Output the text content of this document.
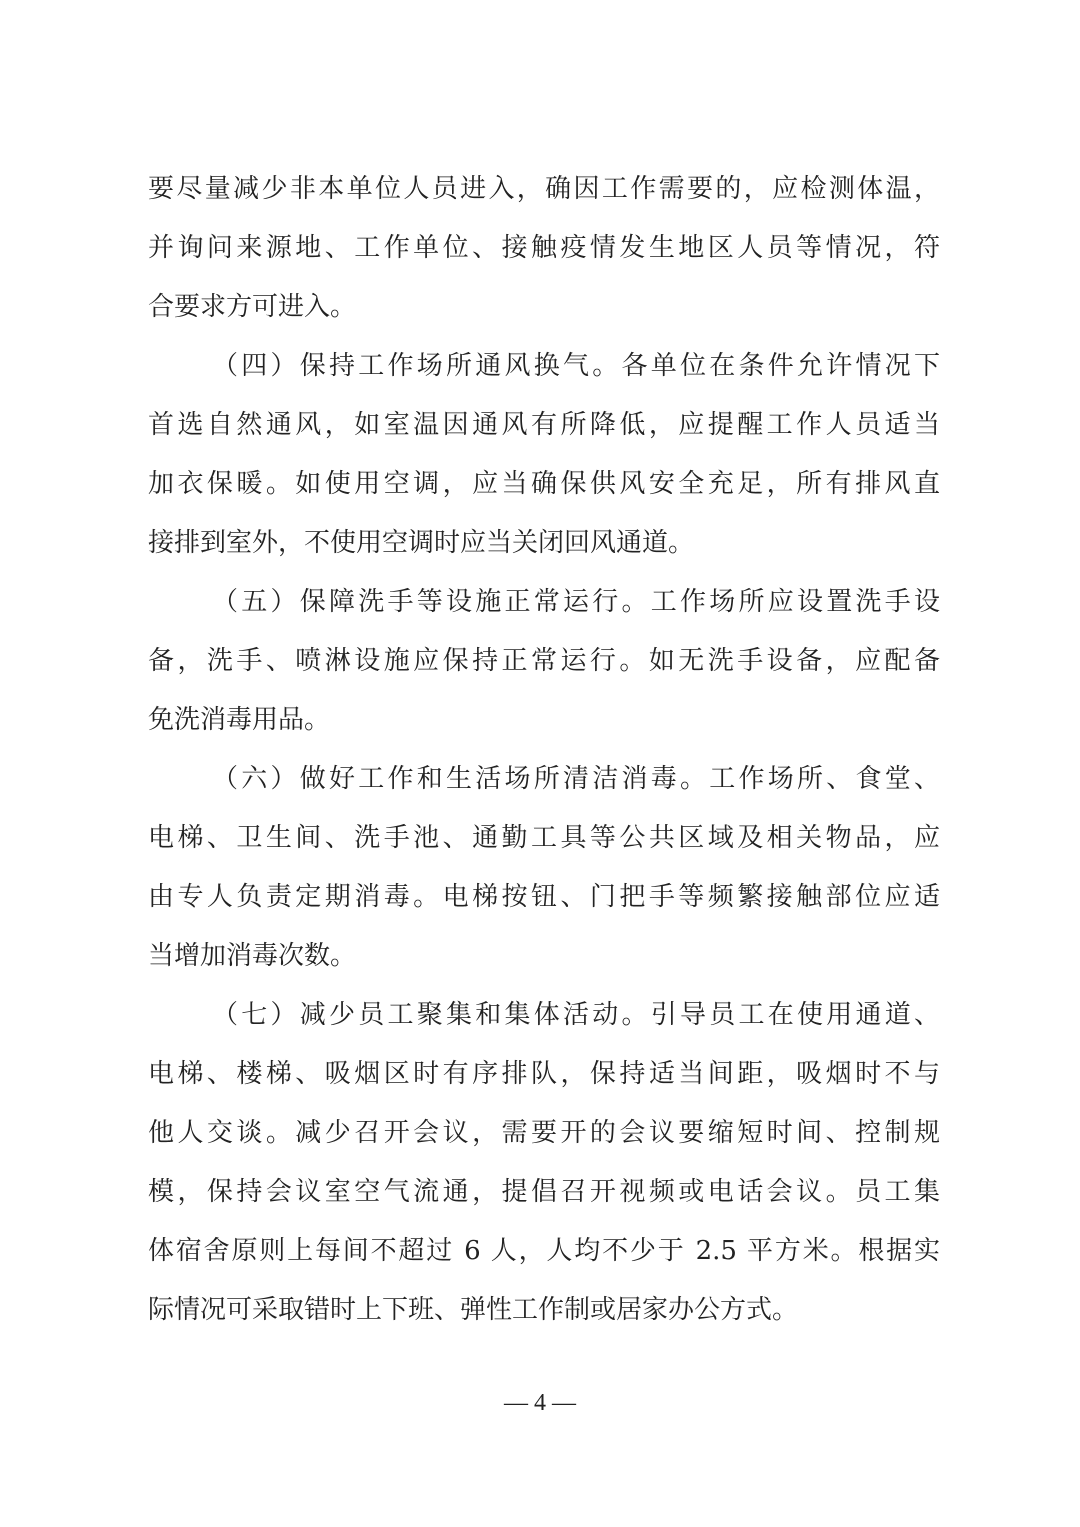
要尽量减少非本单位人员进入，确因工作需要的，应检测体温，
并询问来源地、工作单位、接触疫情发生地区人员等情况，符
合要求方可进入。
（四）保持工作场所通风换气。各单位在条件允许情况下
首选自然通风，如室温因通风有所降低，应提醒工作人员适当
加衣保暖。如使用空调，应当确保供风安全充足，所有排风直
接排到室外，不使用空调时应当关闭回风通道。
（五）保障洗手等设施正常运行。工作场所应设置洗手设
备，洗手、喷淋设施应保持正常运行。如无洗手设备，应配备
免洗消毒用品。
（六）做好工作和生活场所清洁消毒。工作场所、食堂、
电梯、卫生间、洗手池、通勤工具等公共区域及相关物品，应
由专人负责定期消毒。电梯按钮、门把手等频繁接触部位应适
当增加消毒次数。
（七）减少员工聚集和集体活动。引导员工在使用通道、
电梯、楼梯、吸烟区时有序排队，保持适当间距，吸烟时不与
他人交谈。减少召开会议，需要开的会议要缩短时间、控制规
模，保持会议室空气流通，提倡召开视频或电话会议。员工集
体宿舍原则上每间不超过 6 人，人均不少于 2.5 平方米。根据实
际情况可采取错时上下班、弹性工作制或居家办公方式。
— 4 —
